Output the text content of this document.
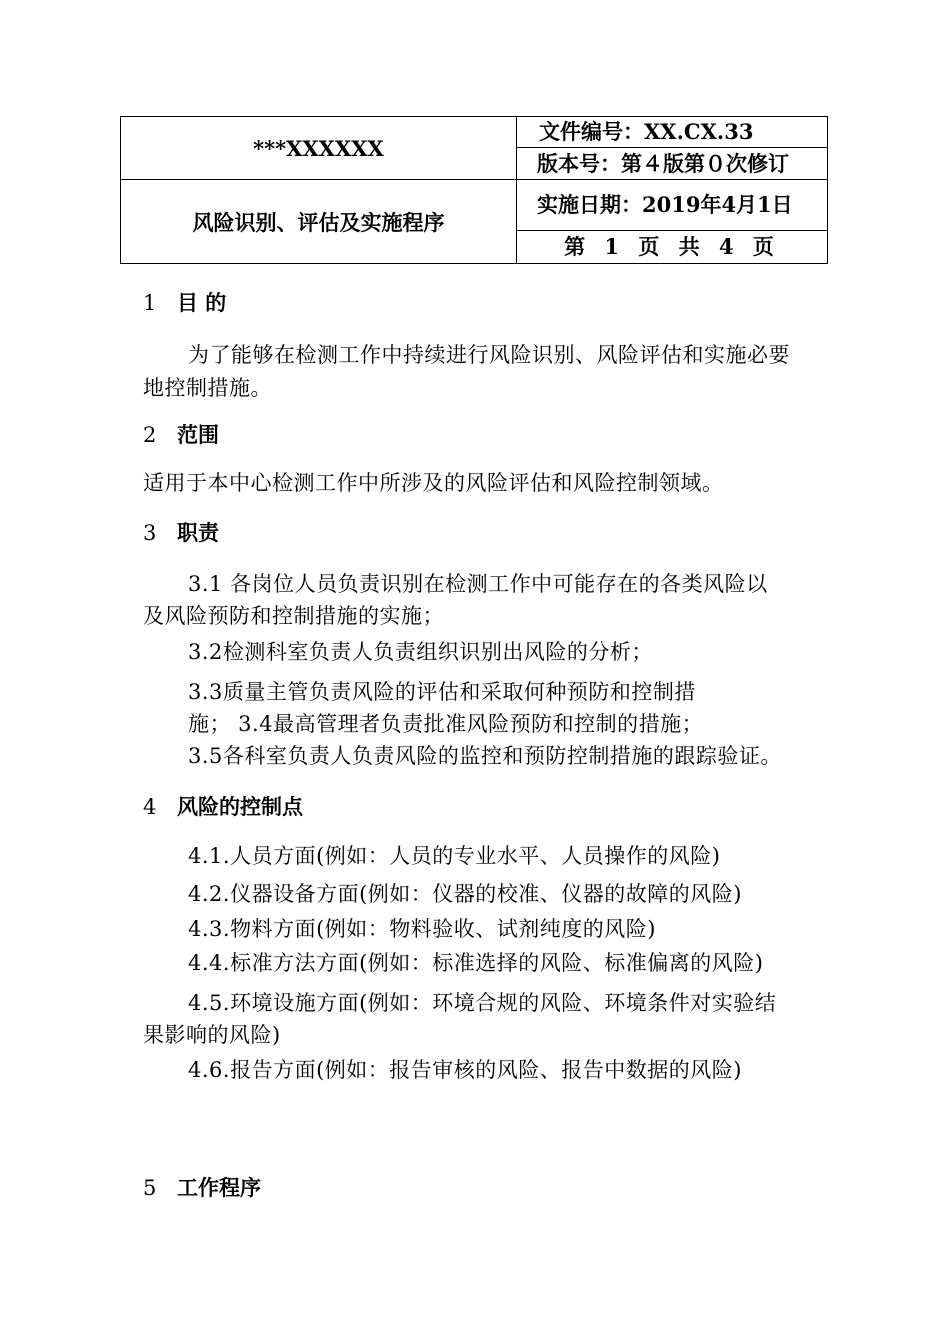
***XXXXXX	文件编号：XX.CX.33
	版本号：第４版第０次修订
风险识别、评估及实施程序	实施日期：2019年4月1日
	第 1 页 共 4 页
1 目 的
为了能够在检测工作中持续进行风险识别、风险评估和实施必要
地控制措施。
2 范围
适用于本中心检测工作中所涉及的风险评估和风险控制领域。
3 职责
3.1 各岗位人员负责识别在检测工作中可能存在的各类风险以
及风险预防和控制措施的实施；
3.2检测科室负责人负责组织识别出风险的分析；
3.3质量主管负责风险的评估和采取何种预防和控制措
施； 3.4最高管理者负责批准风险预防和控制的措施；
3.5各科室负责人负责风险的监控和预防控制措施的跟踪验证。
4 风险的控制点
4.1.人员方面(例如：人员的专业水平、人员操作的风险)
4.2.仪器设备方面(例如：仪器的校准、仪器的故障的风险)
4.3.物料方面(例如：物料验收、试剂纯度的风险)
4.4.标准方法方面(例如：标准选择的风险、标准偏离的风险)
4.5.环境设施方面(例如：环境合规的风险、环境条件对实验结
果影响的风险)
4.6.报告方面(例如：报告审核的风险、报告中数据的风险)
5 工作程序
